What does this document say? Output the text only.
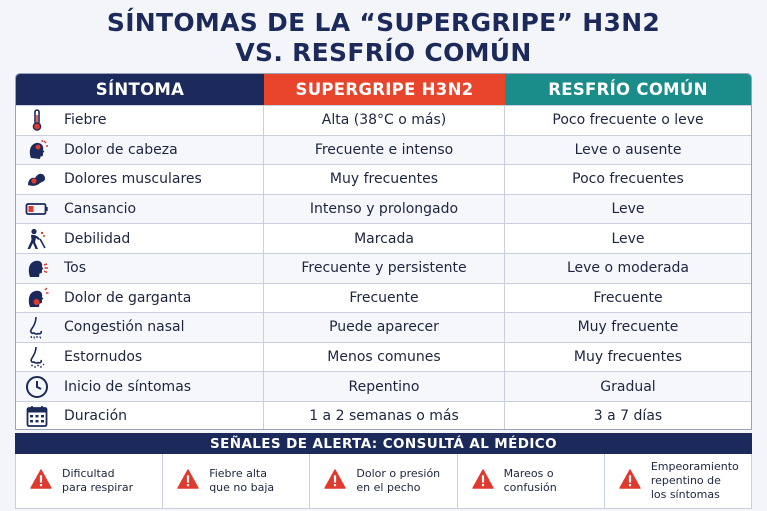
SÍNTOMAS DE LA “SUPERGRIPE” H3N2
VS. RESFRÍO COMÚN
SÍNTOMA	SUPERGRIPE H3N2	RESFRÍO COMÚN
Fiebre	Alta (38°C o más)	Poco frecuente o leve
Dolor de cabeza	Frecuente e intenso	Leve o ausente
Dolores musculares	Muy frecuentes	Poco frecuentes
Cansancio	Intenso y prolongado	Leve
Debilidad	Marcada	Leve
Tos	Frecuente y persistente	Leve o moderada
Dolor de garganta	Frecuente	Frecuente
Congestión nasal	Puede aparecer	Muy frecuente
Estornudos	Menos comunes	Muy frecuentes
Inicio de síntomas	Repentino	Gradual
Duración	1 a 2 semanas o más	3 a 7 días
SEÑALES DE ALERTA: CONSULTÁ AL MÉDICO
Dificultad
para respirar
Fiebre alta
que no baja
Dolor o presión
en el pecho
Mareos o
confusión
Empeoramiento
repentino de
los síntomas
